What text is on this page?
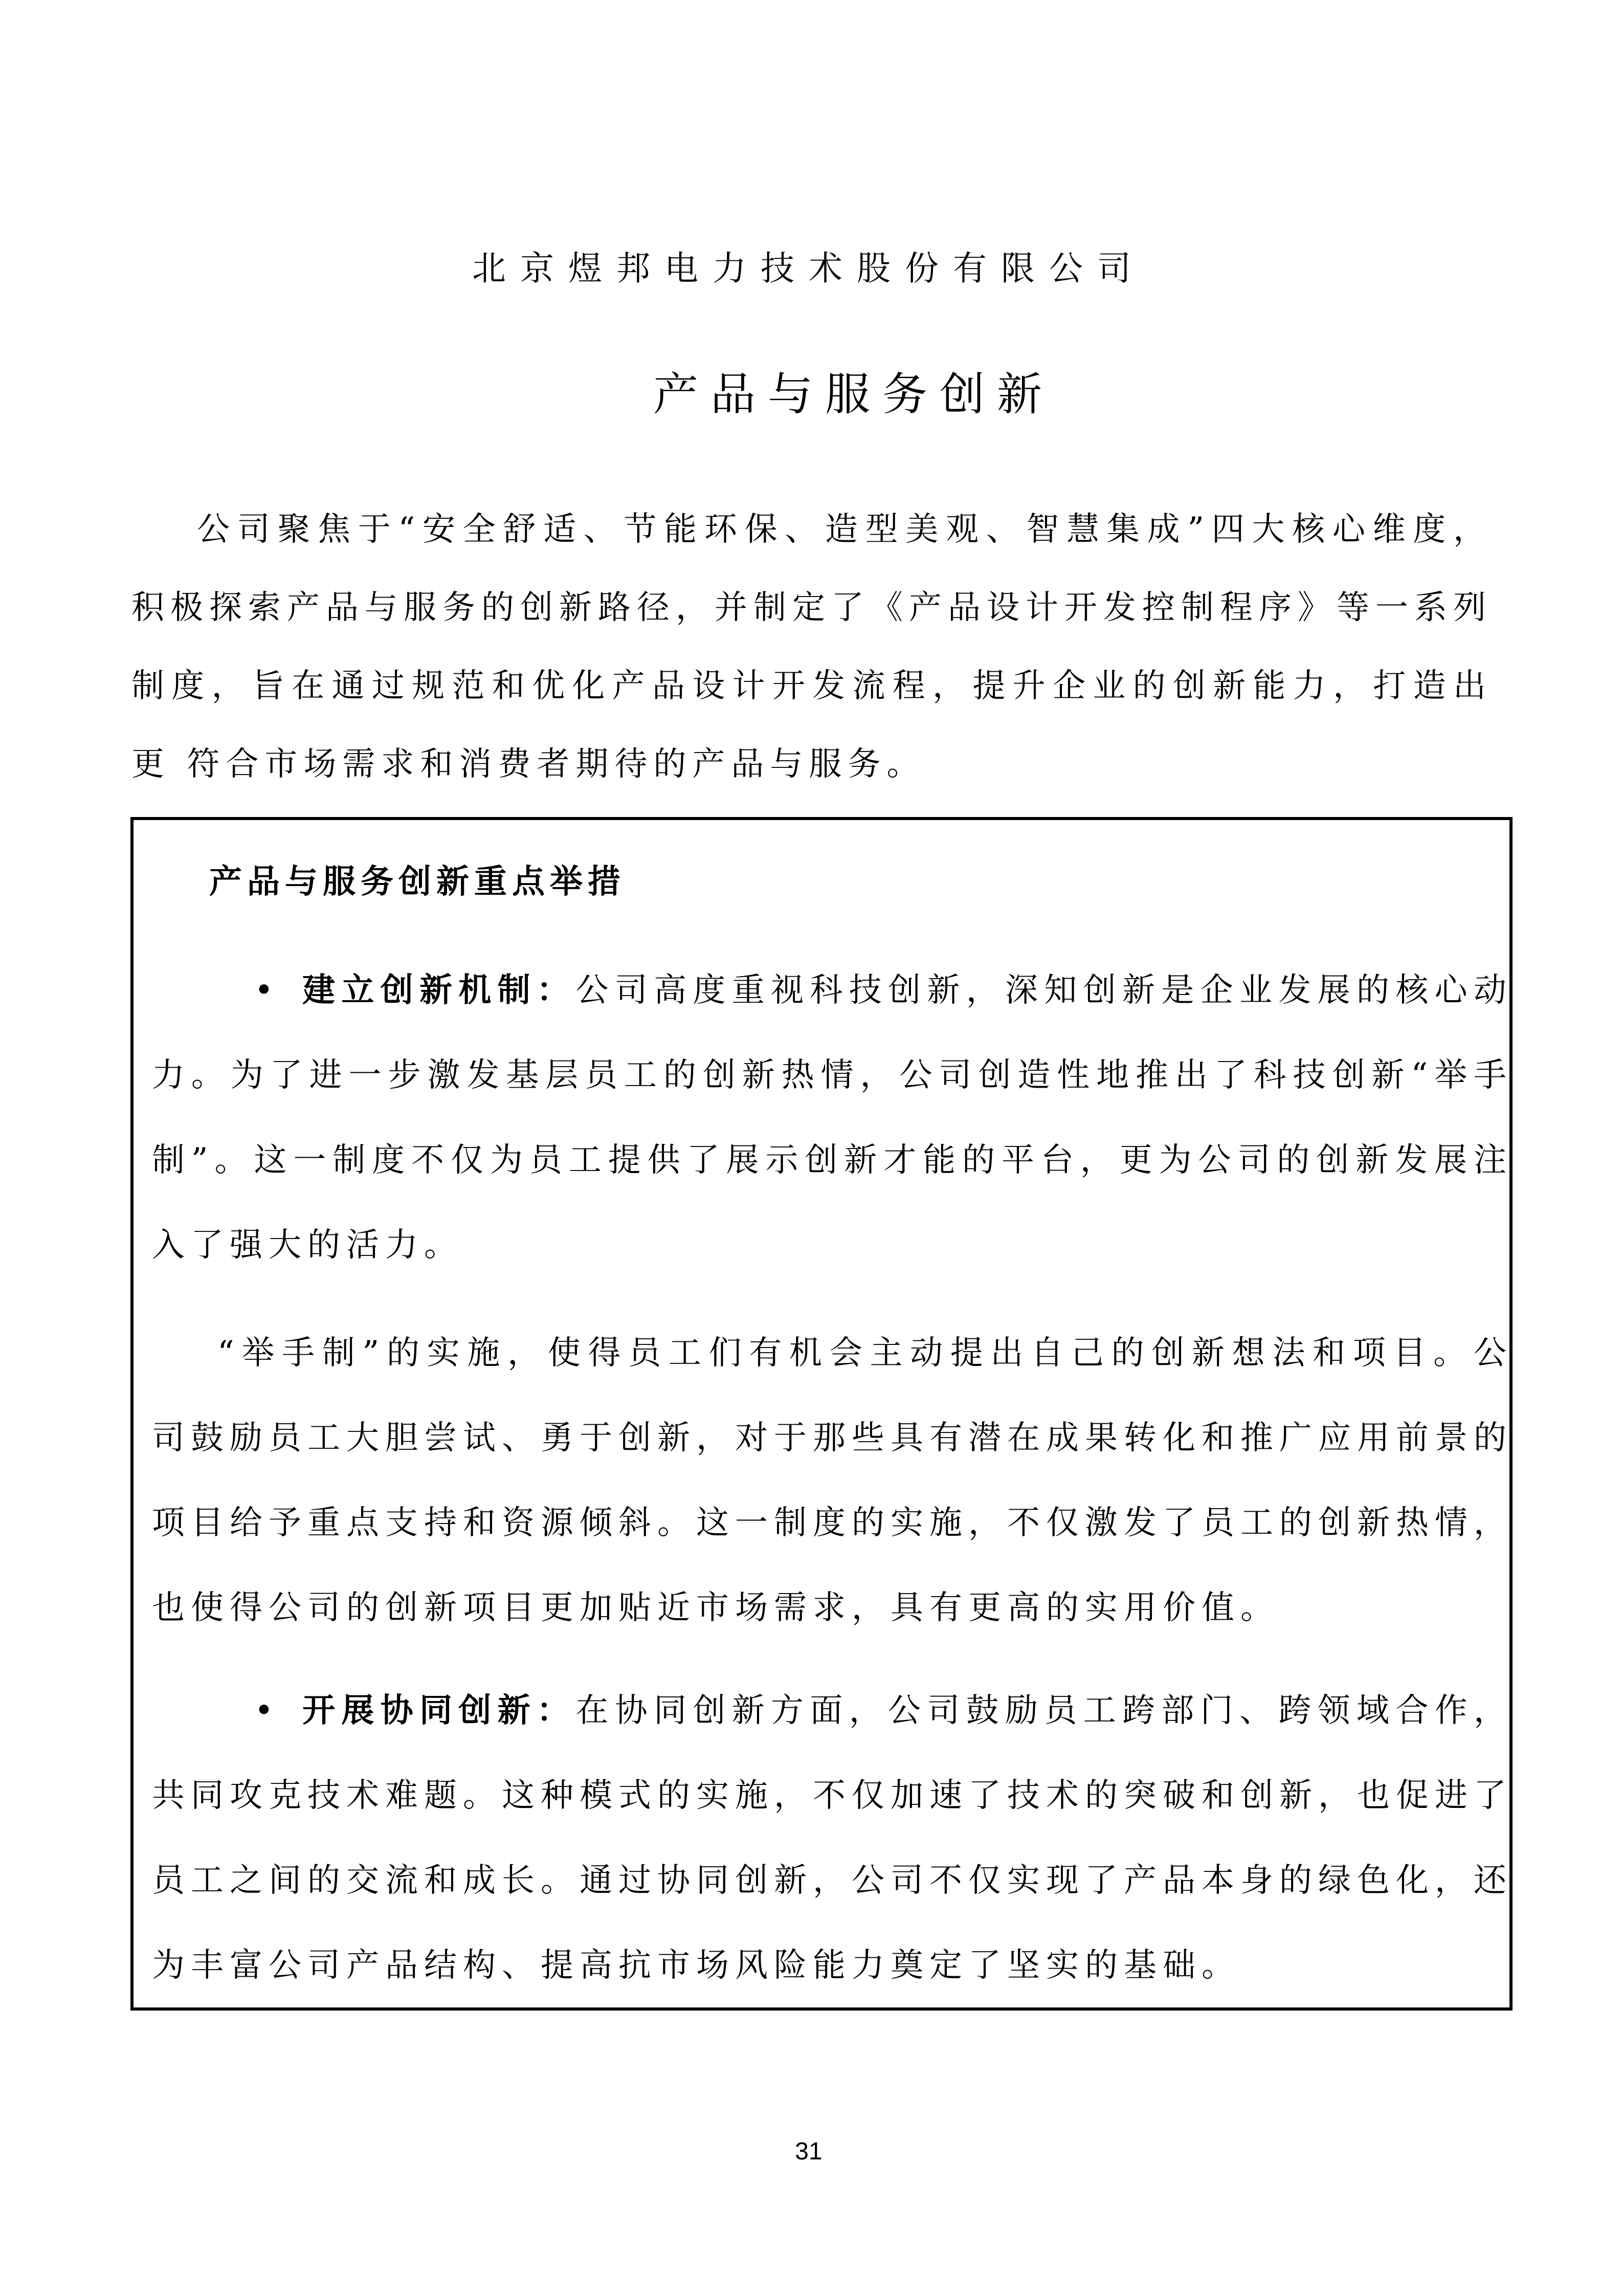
北京煜邦电力技术股份有限公司
产品与服务创新
公司聚焦于“安全舒适、节能环保、造型美观、智慧集成”四大核心维度，
积极探索产品与服务的创新路径，并制定了《产品设计开发控制程序》等一系列
制度，旨在通过规范和优化产品设计开发流程，提升企业的创新能力，打造出
更 符合市场需求和消费者期待的产品与服务。
产品与服务创新重点举措
• 建立创新机制：公司高度重视科技创新，深知创新是企业发展的核心动
力。为了进一步激发基层员工的创新热情，公司创造性地推出了科技创新“举手
制”。这一制度不仅为员工提供了展示创新才能的平台，更为公司的创新发展注
入了强大的活力。
“举手制”的实施，使得员工们有机会主动提出自己的创新想法和项目。公
司鼓励员工大胆尝试、勇于创新，对于那些具有潜在成果转化和推广应用前景的
项目给予重点支持和资源倾斜。这一制度的实施，不仅激发了员工的创新热情，
也使得公司的创新项目更加贴近市场需求，具有更高的实用价值。
• 开展协同创新：在协同创新方面，公司鼓励员工跨部门、跨领域合作，
共同攻克技术难题。这种模式的实施，不仅加速了技术的突破和创新，也促进了
员工之间的交流和成长。通过协同创新，公司不仅实现了产品本身的绿色化，还
为丰富公司产品结构、提高抗市场风险能力奠定了坚实的基础。
31
